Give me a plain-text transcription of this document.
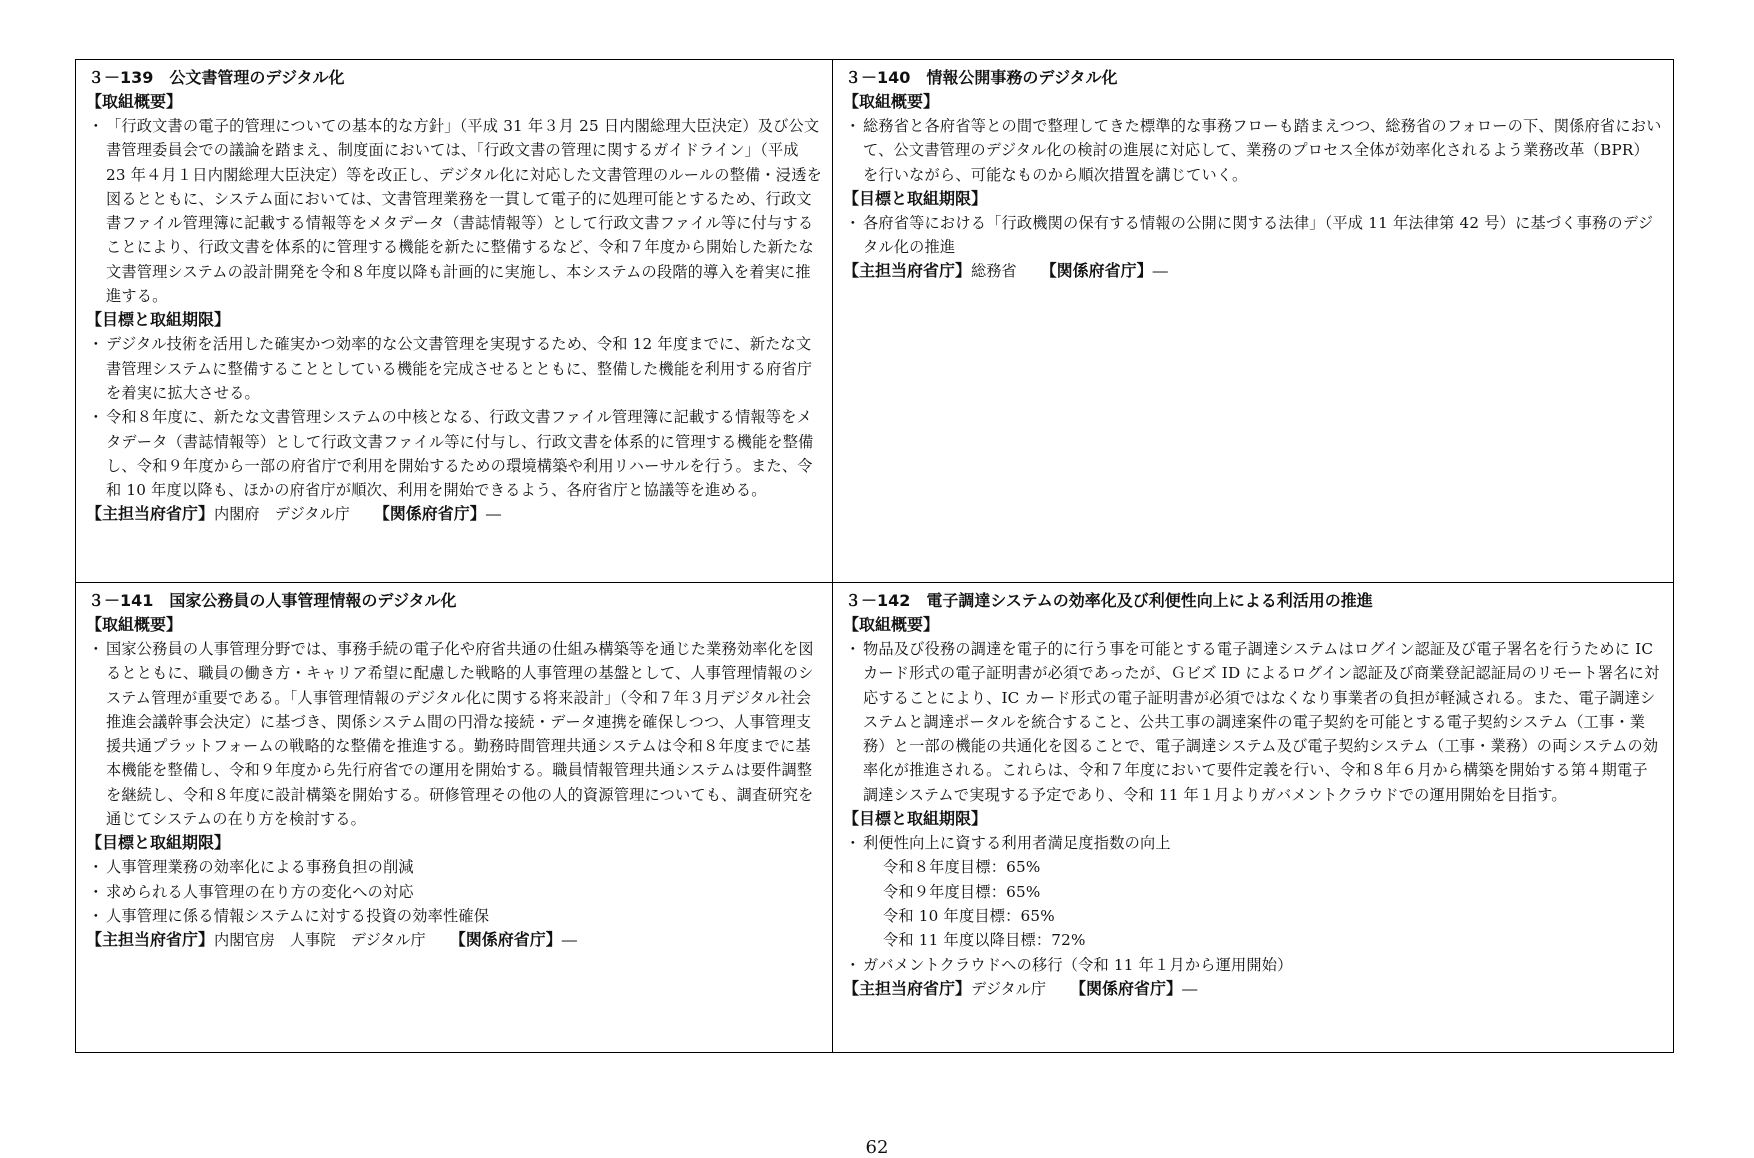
３－139　公文書管理のデジタル化
【取組概要】
・ 「行政文書の電子的管理についての基本的な方針」（平成 31 年３月 25 日内閣総理大臣決定）及び公文書管理委員会での議論を踏まえ、制度面においては、「行政文書の管理に関するガイドライン」（平成 23 年４月１日内閣総理大臣決定）等を改正し、デジタル化に対応した文書管理のルールの整備・浸透を図るとともに、システム面においては、文書管理業務を一貫して電子的に処理可能とするため、行政文書ファイル管理簿に記載する情報等をメタデータ（書誌情報等）として行政文書ファイル等に付与することにより、行政文書を体系的に管理する機能を新たに整備するなど、令和７年度から開始した新たな文書管理システムの設計開発を令和８年度以降も計画的に実施し、本システムの段階的導入を着実に推進する。
【目標と取組期限】
・ デジタル技術を活用した確実かつ効率的な公文書管理を実現するため、令和 12 年度までに、新たな文書管理システムに整備することとしている機能を完成させるとともに、整備した機能を利用する府省庁を着実に拡大させる。
・ 令和８年度に、新たな文書管理システムの中核となる、行政文書ファイル管理簿に記載する情報等をメタデータ（書誌情報等）として行政文書ファイル等に付与し、行政文書を体系的に管理する機能を整備し、令和９年度から一部の府省庁で利用を開始するための環境構築や利用リハーサルを行う。また、令和 10 年度以降も、ほかの府省庁が順次、利用を開始できるよう、各府省庁と協議等を進める。
【主担当府省庁】内閣府　デジタル庁 【関係府省庁】―
３－140　情報公開事務のデジタル化
【取組概要】
・ 総務省と各府省等との間で整理してきた標準的な事務フローも踏まえつつ、総務省のフォローの下、関係府省において、公文書管理のデジタル化の検討の進展に対応して、業務のプロセス全体が効率化されるよう業務改革（BPR）を行いながら、可能なものから順次措置を講じていく。
【目標と取組期限】
・ 各府省等における「行政機関の保有する情報の公開に関する法律」（平成 11 年法律第 42 号）に基づく事務のデジタル化の推進
【主担当府省庁】総務省 【関係府省庁】―
３－141　国家公務員の人事管理情報のデジタル化
【取組概要】
・ 国家公務員の人事管理分野では、事務手続の電子化や府省共通の仕組み構築等を通じた業務効率化を図るとともに、職員の働き方・キャリア希望に配慮した戦略的人事管理の基盤として、人事管理情報のシステム管理が重要である。「人事管理情報のデジタル化に関する将来設計」（令和７年３月デジタル社会推進会議幹事会決定）に基づき、関係システム間の円滑な接続・データ連携を確保しつつ、人事管理支援共通プラットフォームの戦略的な整備を推進する。勤務時間管理共通システムは令和８年度までに基本機能を整備し、令和９年度から先行府省での運用を開始する。職員情報管理共通システムは要件調整を継続し、令和８年度に設計構築を開始する。研修管理その他の人的資源管理についても、調査研究を通じてシステムの在り方を検討する。
【目標と取組期限】
・ 人事管理業務の効率化による事務負担の削減
・ 求められる人事管理の在り方の変化への対応
・ 人事管理に係る情報システムに対する投資の効率性確保
【主担当府省庁】内閣官房　人事院　デジタル庁 【関係府省庁】―
３－142　電子調達システムの効率化及び利便性向上による利活用の推進
【取組概要】
・ 物品及び役務の調達を電子的に行う事を可能とする電子調達システムはログイン認証及び電子署名を行うために IC カード形式の電子証明書が必須であったが、Ｇビズ ID によるログイン認証及び商業登記認証局のリモート署名に対応することにより、IC カード形式の電子証明書が必須ではなくなり事業者の負担が軽減される。また、電子調達システムと調達ポータルを統合すること、公共工事の調達案件の電子契約を可能とする電子契約システム（工事・業務）と一部の機能の共通化を図ることで、電子調達システム及び電子契約システム（工事・業務）の両システムの効率化が推進される。これらは、令和７年度において要件定義を行い、令和８年６月から構築を開始する第４期電子調達システムで実現する予定であり、令和 11 年１月よりガバメントクラウドでの運用開始を目指す。
【目標と取組期限】
・ 利便性向上に資する利用者満足度指数の向上
令和８年度目標：65%
令和９年度目標：65%
令和 10 年度目標：65%
令和 11 年度以降目標：72%
・ ガバメントクラウドへの移行（令和 11 年１月から運用開始）
【主担当府省庁】デジタル庁 【関係府省庁】―
62
